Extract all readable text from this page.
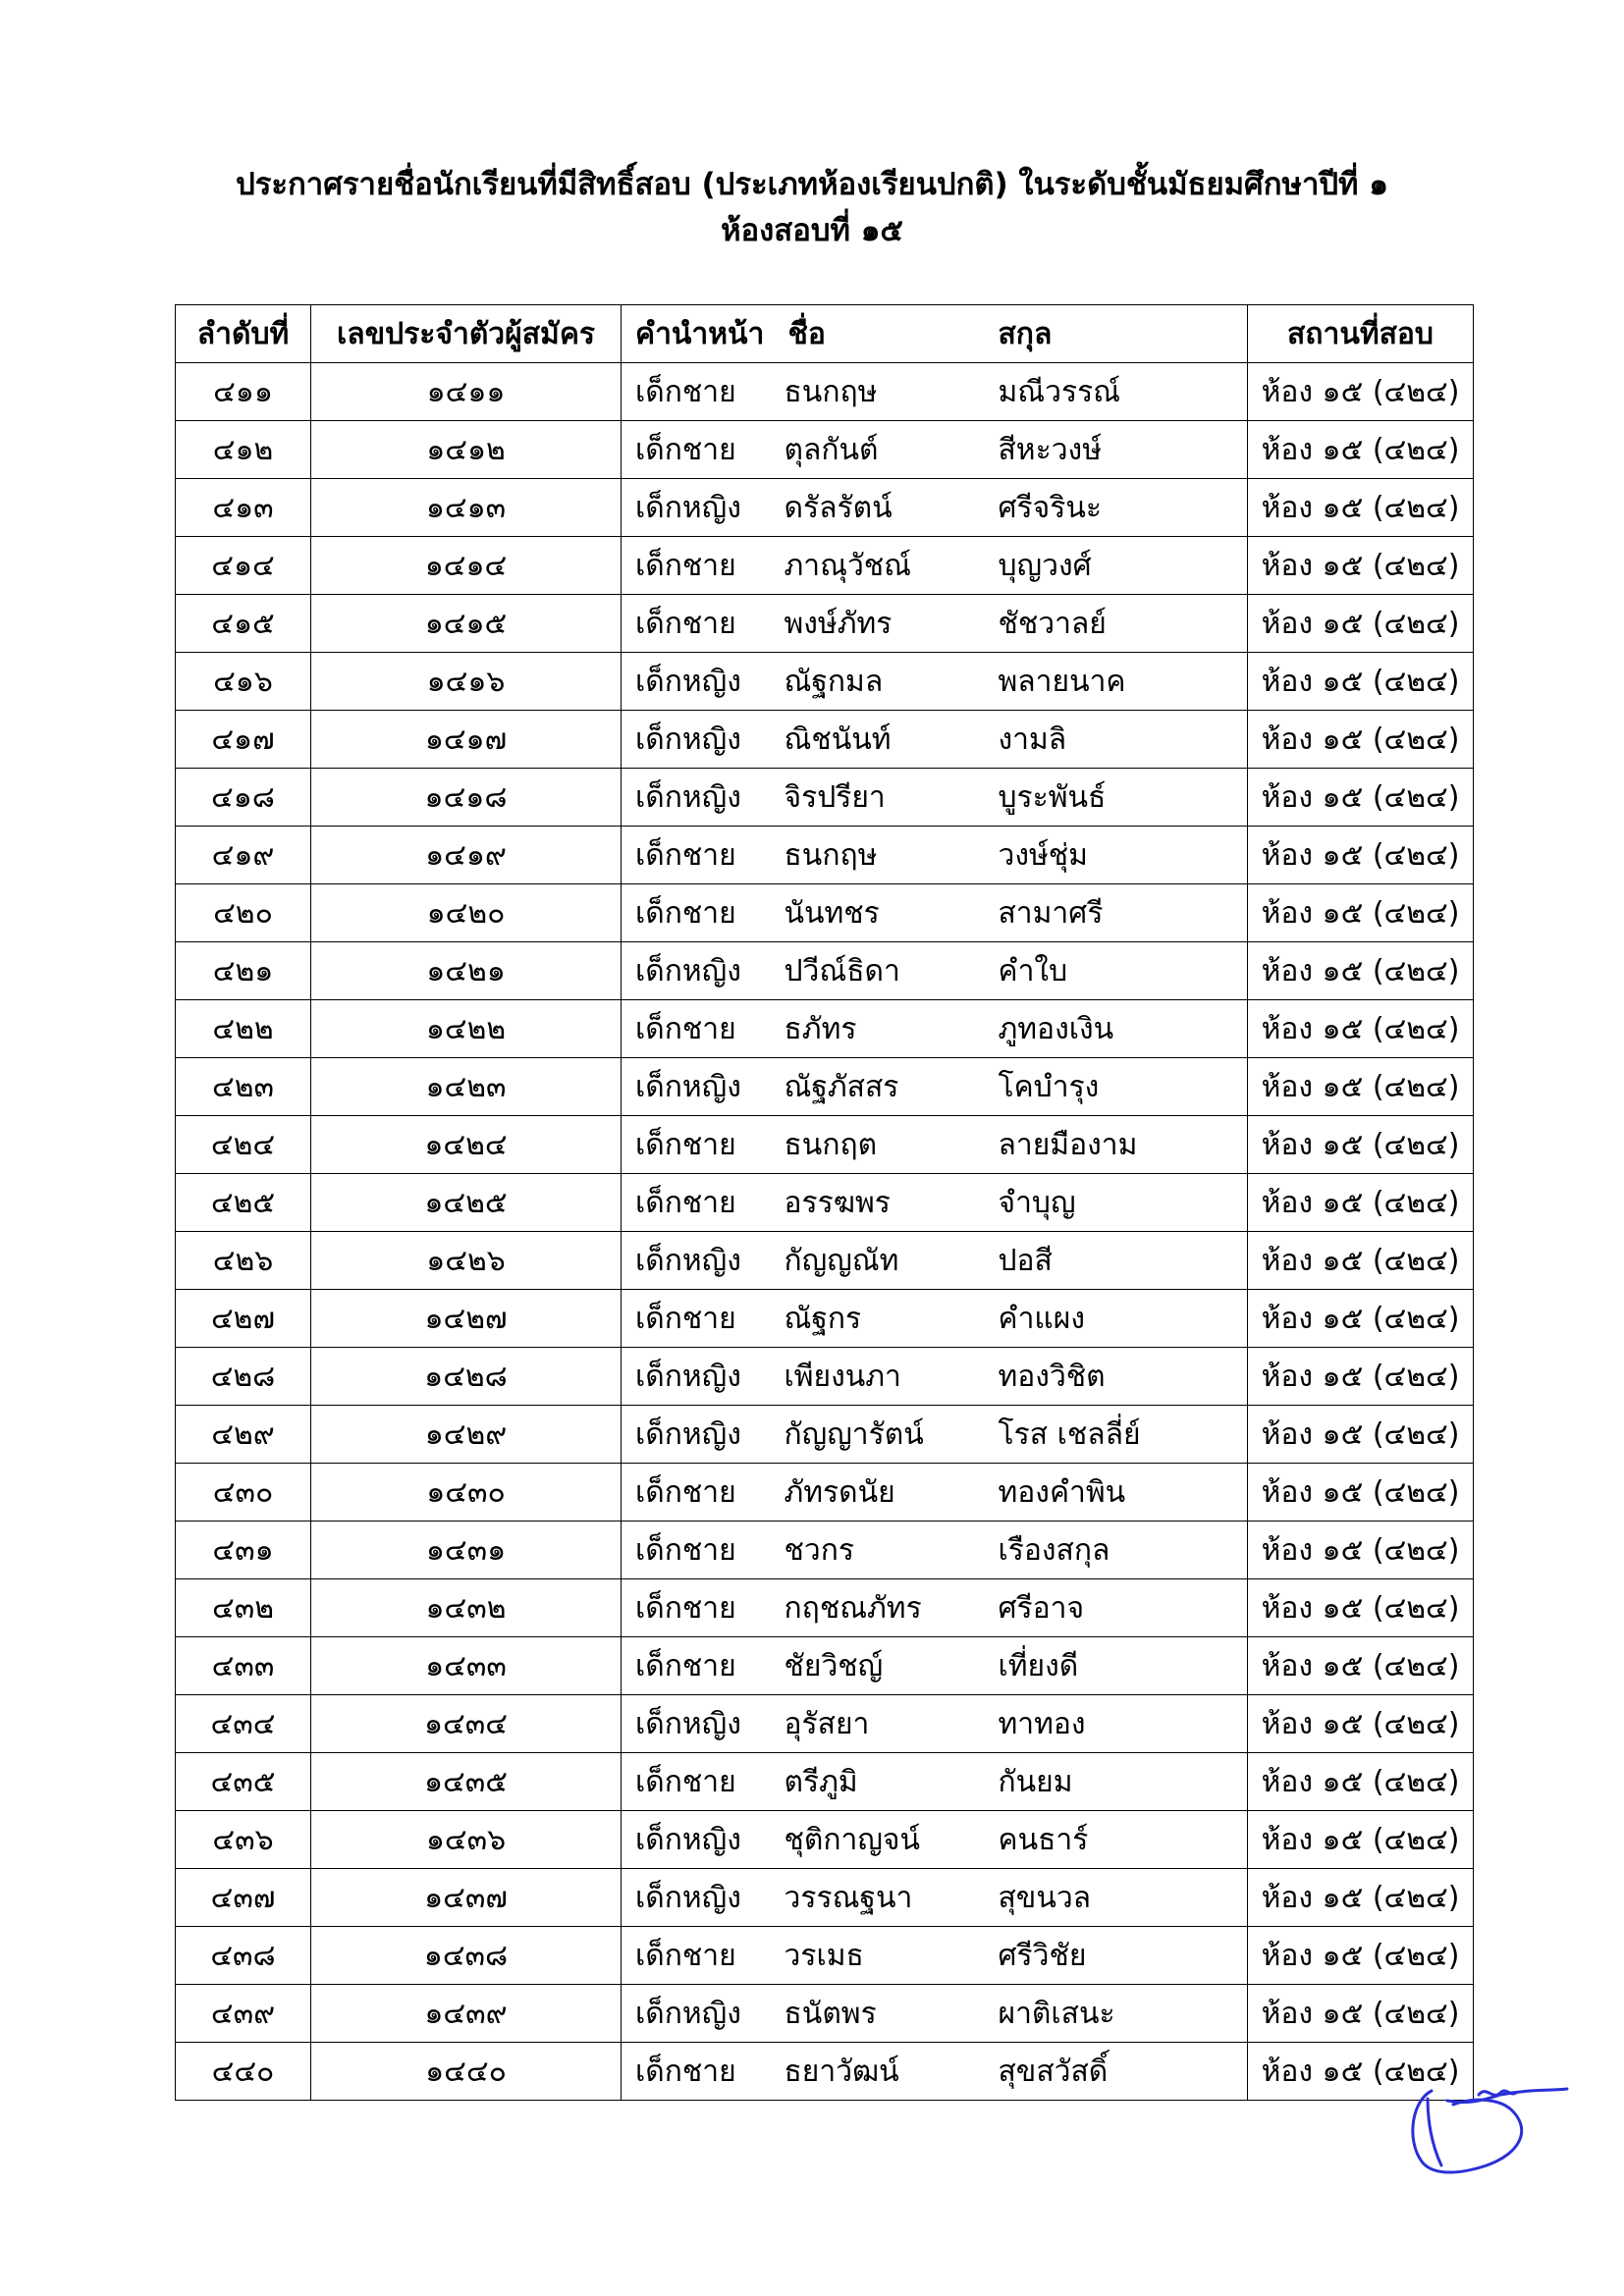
ประกาศรายชื่อนักเรียนที่มีสิทธิ์สอบ (ประเภทห้องเรียนปกติ) ในระดับชั้นมัธยมศึกษาปีที่ ๑
ห้องสอบที่ ๑๕
ลำดับที่	เลขประจำตัวผู้สมัคร	คำนำหน้า	ชื่อ	สกุล	สถานที่สอบ
๔๑๑	๑๔๑๑	เด็กชาย	ธนกฤษ	มณีวรรณ์	ห้อง ๑๕ (๔๒๔)
๔๑๒	๑๔๑๒	เด็กชาย	ตุลกันต์	สีหะวงษ์	ห้อง ๑๕ (๔๒๔)
๔๑๓	๑๔๑๓	เด็กหญิง	ดรัลรัตน์	ศรีจรินะ	ห้อง ๑๕ (๔๒๔)
๔๑๔	๑๔๑๔	เด็กชาย	ภาณุวัชณ์	บุญวงศ์	ห้อง ๑๕ (๔๒๔)
๔๑๕	๑๔๑๕	เด็กชาย	พงษ์ภัทร	ชัชวาลย์	ห้อง ๑๕ (๔๒๔)
๔๑๖	๑๔๑๖	เด็กหญิง	ณัฐกมล	พลายนาค	ห้อง ๑๕ (๔๒๔)
๔๑๗	๑๔๑๗	เด็กหญิง	ณิชนันท์	งามลิ	ห้อง ๑๕ (๔๒๔)
๔๑๘	๑๔๑๘	เด็กหญิง	จิรปรียา	บูระพันธ์	ห้อง ๑๕ (๔๒๔)
๔๑๙	๑๔๑๙	เด็กชาย	ธนกฤษ	วงษ์ชุ่ม	ห้อง ๑๕ (๔๒๔)
๔๒๐	๑๔๒๐	เด็กชาย	นันทชร	สามาศรี	ห้อง ๑๕ (๔๒๔)
๔๒๑	๑๔๒๑	เด็กหญิง	ปวีณ์ธิดา	คำใบ	ห้อง ๑๕ (๔๒๔)
๔๒๒	๑๔๒๒	เด็กชาย	ธภัทร	ภูทองเงิน	ห้อง ๑๕ (๔๒๔)
๔๒๓	๑๔๒๓	เด็กหญิง	ณัฐภัสสร	โคบำรุง	ห้อง ๑๕ (๔๒๔)
๔๒๔	๑๔๒๔	เด็กชาย	ธนกฤต	ลายมืองาม	ห้อง ๑๕ (๔๒๔)
๔๒๕	๑๔๒๕	เด็กชาย	อรรฆพร	จำบุญ	ห้อง ๑๕ (๔๒๔)
๔๒๖	๑๔๒๖	เด็กหญิง	กัญญณัท	ปอสี	ห้อง ๑๕ (๔๒๔)
๔๒๗	๑๔๒๗	เด็กชาย	ณัฐกร	คำแผง	ห้อง ๑๕ (๔๒๔)
๔๒๘	๑๔๒๘	เด็กหญิง	เพียงนภา	ทองวิชิต	ห้อง ๑๕ (๔๒๔)
๔๒๙	๑๔๒๙	เด็กหญิง	กัญญารัตน์	โรส เชลลี่ย์	ห้อง ๑๕ (๔๒๔)
๔๓๐	๑๔๓๐	เด็กชาย	ภัทรดนัย	ทองคำพิน	ห้อง ๑๕ (๔๒๔)
๔๓๑	๑๔๓๑	เด็กชาย	ชวกร	เรืองสกุล	ห้อง ๑๕ (๔๒๔)
๔๓๒	๑๔๓๒	เด็กชาย	กฤชณภัทร	ศรีอาจ	ห้อง ๑๕ (๔๒๔)
๔๓๓	๑๔๓๓	เด็กชาย	ชัยวิชญ์	เที่ยงดี	ห้อง ๑๕ (๔๒๔)
๔๓๔	๑๔๓๔	เด็กหญิง	อุรัสยา	ทาทอง	ห้อง ๑๕ (๔๒๔)
๔๓๕	๑๔๓๕	เด็กชาย	ตรีภูมิ	กันยม	ห้อง ๑๕ (๔๒๔)
๔๓๖	๑๔๓๖	เด็กหญิง	ชุติกาญจน์	คนธาร์	ห้อง ๑๕ (๔๒๔)
๔๓๗	๑๔๓๗	เด็กหญิง	วรรณฐนา	สุขนวล	ห้อง ๑๕ (๔๒๔)
๔๓๘	๑๔๓๘	เด็กชาย	วรเมธ	ศรีวิชัย	ห้อง ๑๕ (๔๒๔)
๔๓๙	๑๔๓๙	เด็กหญิง	ธนัตพร	ผาติเสนะ	ห้อง ๑๕ (๔๒๔)
๔๔๐	๑๔๔๐	เด็กชาย	ธยาวัฒน์	สุขสวัสดิ์	ห้อง ๑๕ (๔๒๔)
